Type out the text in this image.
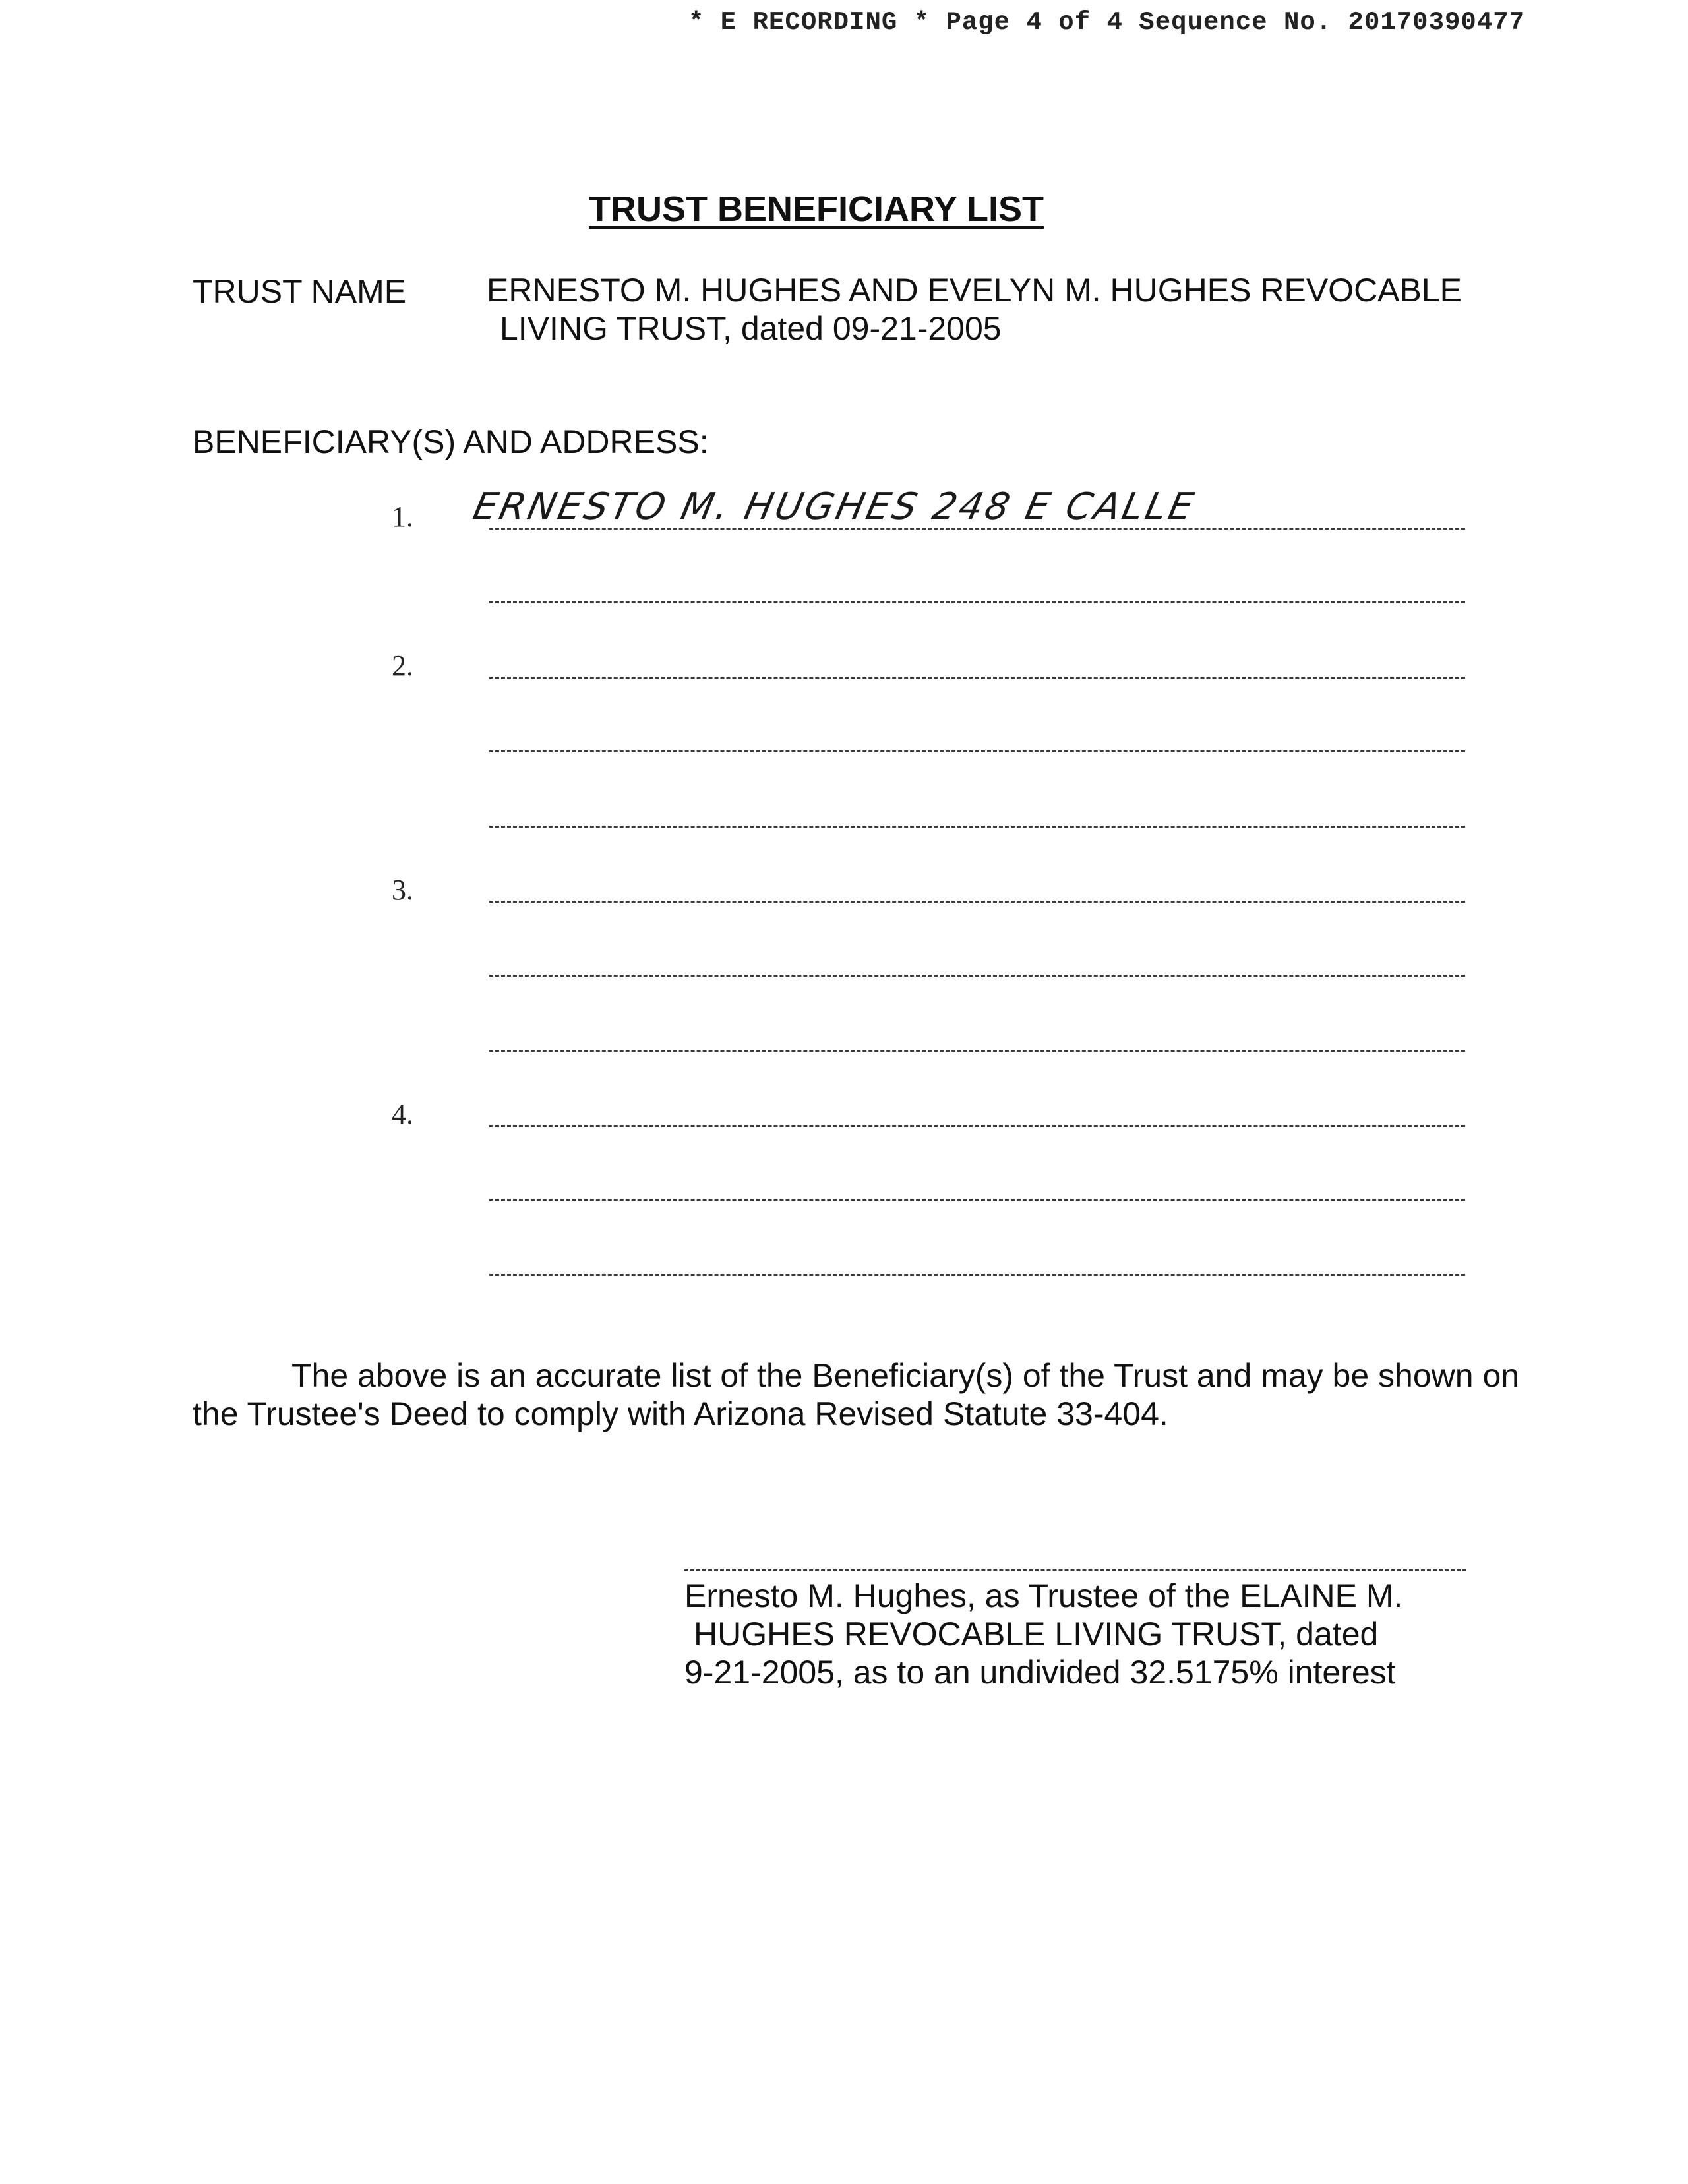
* E RECORDING * Page 4 of 4 Sequence No. 20170390477
TRUST BENEFICIARY LIST
TRUST NAME ERNESTO M. HUGHES AND EVELYN M. HUGHES REVOCABLE
LIVING TRUST, dated 09-21-2005
BENEFICIARY(S) AND ADDRESS:
1. ERNESTO M. HUGHES 248 E CALLE
2.
3.
4.
The above is an accurate list of the Beneficiary(s) of the Trust and may be shown on
the Trustee's Deed to comply with Arizona Revised Statute 33-404.
Ernesto M. Hughes, as Trustee of the ELAINE M.
HUGHES REVOCABLE LIVING TRUST, dated
9-21-2005, as to an undivided 32.5175% interest
